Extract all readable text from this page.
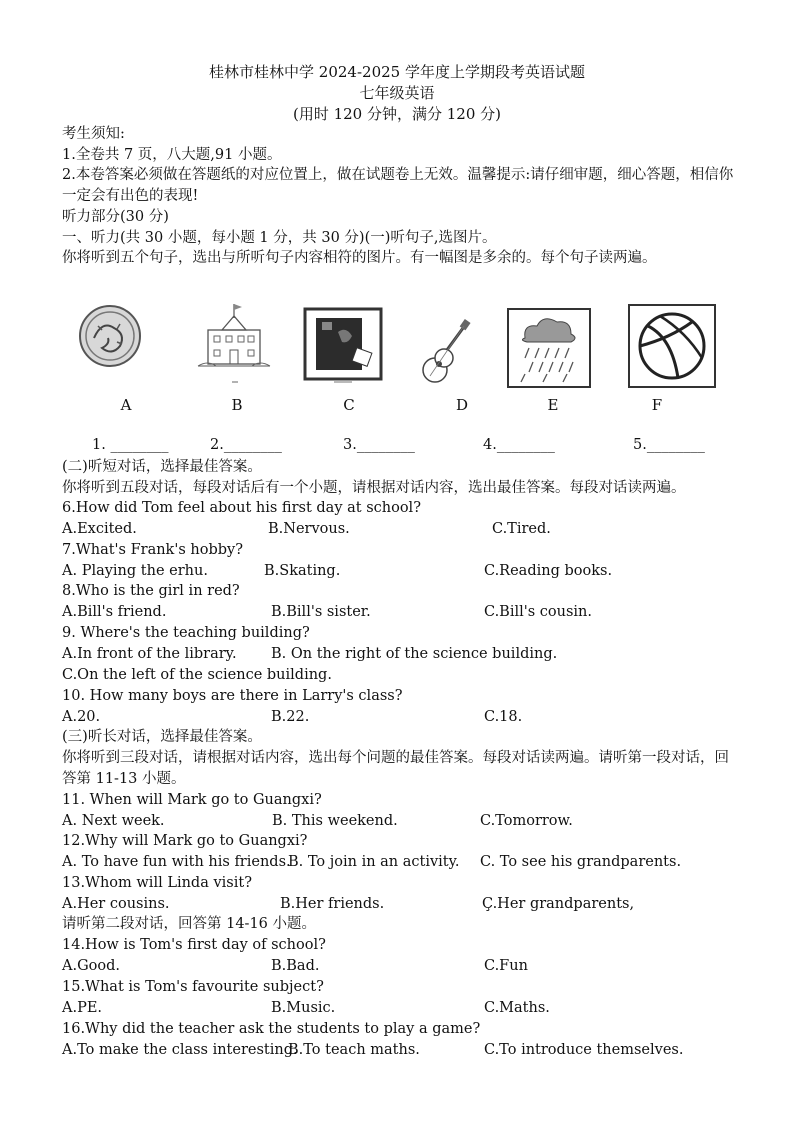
桂林市桂林中学 2024-2025 学年度上学期段考英语试题
七年级英语
(用时 120 分钟，满分 120 分)
考生须知:
1.全卷共 7 页，八大题,91 小题。
2.本卷答案必须做在答题纸的对应位置上，做在试题卷上无效。温馨提示:请仔细审题，细心答题，相信你一定会有出色的表现!
听力部分(30 分)
一、听力(共 30 小题，每小题 1 分，共 30 分)(一)听句子,选图片。
你将听到五个句子，选出与所听句子内容相符的图片。有一幅图是多余的。每个句子读两遍。
A	B	C	D	E	F
1. ________	2.________	3.________	4.________	5.________
(二)听短对话，选择最佳答案。
你将听到五段对话，每段对话后有一个小题，请根据对话内容，选出最佳答案。每段对话读两遍。
6.How did Tom feel about his first day at school?
A.Excited.	B.Nervous.	C.Tired.
7.What's Frank's hobby?
A. Playing the erhu.	B.Skating.	C.Reading books.
8.Who is the girl in red?
A.Bill's friend.	B.Bill's sister.	C.Bill's cousin.
9. Where's the teaching building?
A.In front of the library. B. On the right of the science building.
C.On the left of the science building.
10. How many boys are there in Larry's class?
A.20.	B.22.	C.18.
(三)听长对话，选择最佳答案。
你将听到三段对话，请根据对话内容，选出每个问题的最佳答案。每段对话读两遍。请听第一段对话，回答第 11-13 小题。
11. When will Mark go to Guangxi?
A. Next week.	B. This weekend.	C.Tomorrow.
12.Why will Mark go to Guangxi?
A. To have fun with his friends.
B. To join in an activity. C. To see his grandparents.
13.Whom will Linda visit?
A.Her cousins.	B.Her friends.	Ç.Her grandparents,
请听第二段对话，回答第 14-16 小题。
14.How is Tom's first day of school?
A.Good.	B.Bad.	C.Fun
15.What is Tom's favourite subject?
A.PE.	B.Music.	C.Maths.
16.Why did the teacher ask the students to play a game?
A.To make the class interesting.
B.To teach maths.	C.To introduce themselves.
